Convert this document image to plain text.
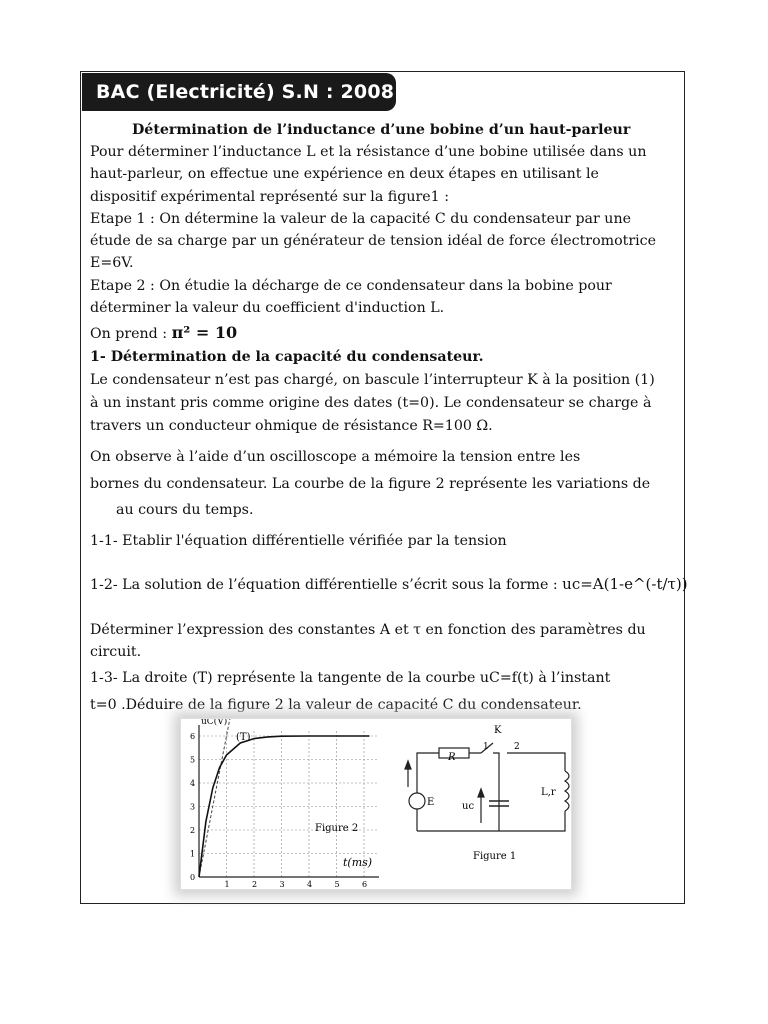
BAC (Electricité) S.N : 2008
Détermination de l’inductance d’une bobine d’un haut-parleur
Pour déterminer l’inductance L et la résistance d’une bobine utilisée dans un
haut-parleur, on effectue une expérience en deux étapes en utilisant le
dispositif expérimental représenté sur la figure1 :
Etape 1 : On détermine la valeur de la capacité C du condensateur par une
étude de sa charge par un générateur de tension idéal de force électromotrice
E=6V.
Etape 2 : On étudie la décharge de ce condensateur dans la bobine pour
déterminer la valeur du coefficient d'induction L.
On prend : π² = 10
1- Détermination de la capacité du condensateur.
Le condensateur n’est pas chargé, on bascule l’interrupteur K à la position (1)
à un instant pris comme origine des dates (t=0). Le condensateur se charge à
travers un conducteur ohmique de résistance R=100 Ω.
On observe à l’aide d’un oscilloscope a mémoire la tension entre les
bornes du condensateur. La courbe de la figure 2 représente les variations de
au cours du temps.
1-1- Etablir l'équation différentielle vérifiée par la tension
1-2- La solution de l’équation différentielle s’écrit sous la forme : uc=A(1-e^(-t/τ))
Déterminer l’expression des constantes A et τ en fonction des paramètres du
circuit.
1-3- La droite (T) représente la tangente de la courbe uC=f(t) à l’instant
t=0 .Déduire de la figure 2 la valeur de capacité C du condensateur.
0
1
2
3
4
5
6
1	2	3	4	5	6
uC(V)
(T)
Figure 2
t(ms)
R
K
1	2
E	uc
L,r
Figure 1
